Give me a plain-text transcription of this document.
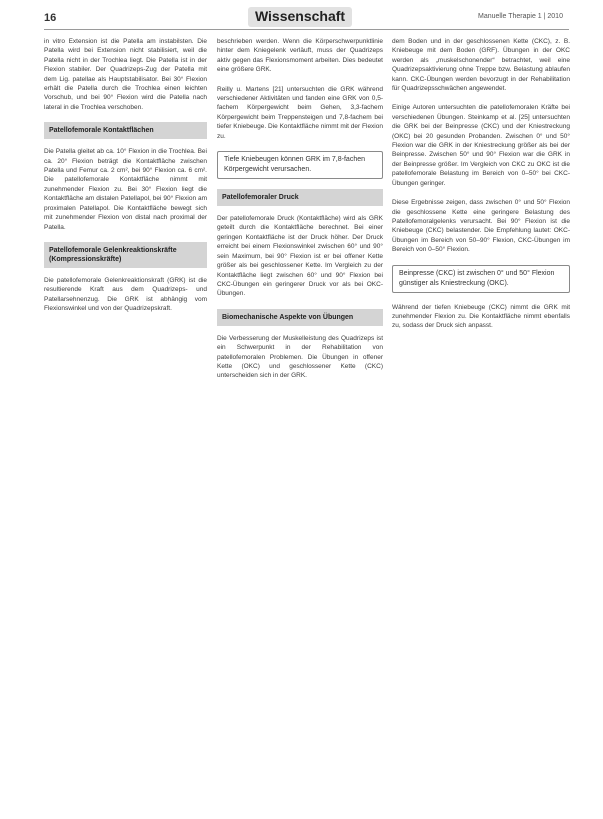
16	Wissenschaft	Manuelle Therapie 1 | 2010

in vitro Extension ist die Patella am instabilsten. Die Patella wird bei Extension nicht stabilisiert, weil die Patella nicht in der Trochlea liegt. Die Patella ist in der Flexion stabiler. Der Quadrizeps-Zug der Patella mit dem Lig. patellae als Hauptstabilisator. Bei 30° Flexion erhält die Patella durch die Trochlea einen leichten Vorschub, und bei 90° Flexion wird die Patella nach lateral in die Trochlea verschoben.

Patellofemorale Kontaktflächen

Die Patella gleitet ab ca. 10° Flexion in die Trochlea. Bei ca. 20° Flexion beträgt die Kontaktfläche zwischen Patella und Femur ca. 2 cm², bei 90° Flexion ca. 6 cm². Die patellofemorale Kontaktfläche nimmt mit zunehmender Flexion zu. Bei 30° Flexion liegt die Kontaktfläche am distalen Patellapol, bei 90° Flexion am proximalen Patellapol. Die Kontaktfläche bewegt sich mit zunehmender Flexion von distal nach proximal der Patella.

Patellofemorale Gelenkreaktionskräfte (Kompressionskräfte)

Die patellofemorale Gelenkreaktionskraft (GRK) ist die resultierende Kraft aus dem Quadrizeps- und Patellarsehnenzug. Die GRK ist abhängig vom Flexionswinkel und von der Quadrizepskraft.

beschrieben werden. Wenn die Körperschwerpunktlinie hinter dem Kniegelenk verläuft, muss der Quadrizeps aktiv gegen das Flexionsmoment arbeiten. Dies bedeutet eine größere GRK.

Reilly u. Martens [21] untersuchten die GRK während verschiedener Aktivitäten und fanden eine GRK von 0,5-fachem Körpergewicht beim Gehen, 3,3-fachem Körpergewicht beim Treppensteigen und 7,8-fachem bei tiefer Kniebeuge. Die Kontaktfläche nimmt mit der Flexion zu.

Tiefe Kniebeugen können GRK im 7,8-fachen Körpergewicht verursachen.
Patellofemoraler Druck

Der patellofemorale Druck (Kontaktfläche) wird als GRK geteilt durch die Kontaktfläche berechnet. Bei einer geringen Kontaktfläche ist der Druck höher. Der Druck erreicht bei einem Flexionswinkel zwischen 60° und 90° sein Maximum, bei 90° Flexion ist er bei offener Kette größer als bei geschlossener Kette. Im Vergleich zu der Kontaktfläche liegt zwischen 60° und 90° Flexion bei CKC-Übungen ein geringerer Druck vor als bei OKC-Übungen.

Biomechanische Aspekte von Übungen

Die Verbesserung der Muskelleistung des Quadrizeps ist ein Schwerpunkt in der Rehabilitation von patellofemoralen Problemen. Die Übungen in offener Kette (OKC) und geschlossener Kette (CKC) unterscheiden sich in der GRK.

dem Boden und in der geschlossenen Kette (CKC), z. B. Kniebeuge mit dem Boden (GRF). Übungen in der OKC werden als „muskelschonender“ betrachtet, weil eine Quadrizepsaktivierung ohne Treppe bzw. Belastung ablaufen kann. CKC-Übungen werden bevorzugt in der Rehabilitation für Quadrizepsschwächen angewendet.

Einige Autoren untersuchten die patellofemoralen Kräfte bei verschiedenen Übungen. Steinkamp et al. [25] untersuchten die GRK bei der Beinpresse (CKC) und der Kniestreckung (OKC) bei 20 gesunden Probanden. Zwischen 0° und 50° Flexion war die GRK in der Kniestreckung größer als bei der Beinpresse. Zwischen 50° und 90° Flexion war die GRK in der Beinpresse größer. Im Vergleich von CKC zu OKC ist die patellofemorale Belastung im Bereich von 0–50° bei CKC-Übungen geringer.

Diese Ergebnisse zeigen, dass zwischen 0° und 50° Flexion die geschlossene Kette eine geringere Belastung des Patellofemoralgelenks verursacht. Bei 90° Flexion ist die Kniebeuge (CKC) belastender. Die Empfehlung lautet: OKC-Übungen im Bereich von 50–90° Flexion, CKC-Übungen im Bereich von 0–50° Flexion.

Beinpresse (CKC) ist zwischen 0° und 50° Flexion günstiger als Kniestreckung (OKC).

Während der tiefen Kniebeuge (CKC) nimmt die GRK mit zunehmender Flexion zu. Die Kontaktfläche nimmt ebenfalls zu, sodass der Druck sich anpasst.
